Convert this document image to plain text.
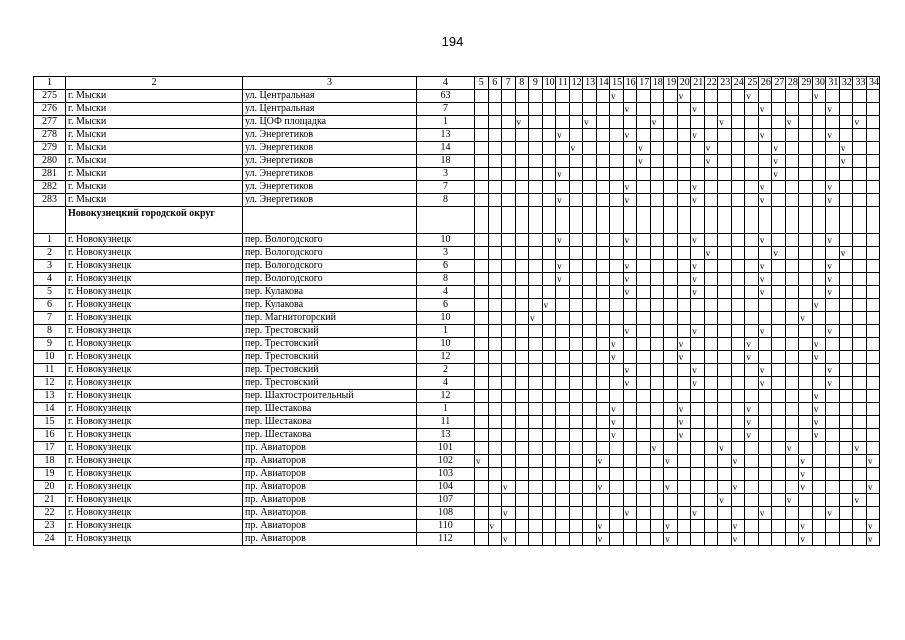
194
1	2	3	4	5	6	7	8	9	10	11	12	13	14	15	16	17	18	19	20	21	22	23	24	25	26	27	28	29	30	31	32	33	34
275	г. Мыски	ул. Центральная	63											v					v					v					v				
276	г. Мыски	ул. Центральная	7												v					v					v					v			
277	г. Мыски	ул. ЦОФ площадка	1				v					v					v					v					v					v	
278	г. Мыски	ул. Энергетиков	13							v					v					v					v					v			
279	г. Мыски	ул. Энергетиков	14								v					v					v					v					v		
280	г. Мыски	ул. Энергетиков	18													v					v					v					v		
281	г. Мыски	ул. Энергетиков	3							v																v							
282	г. Мыски	ул. Энергетиков	7												v					v					v					v			
283	г. Мыски	ул. Энергетиков	8							v					v					v					v					v			
	Новокузнецкий городской округ																																
1	г. Новокузнецк	пер. Вологодского	10							v					v					v					v					v			
2	г. Новокузнецк	пер. Вологодского	3																		v					v					v		
3	г. Новокузнецк	пер. Вологодского	6							v					v					v					v					v			
4	г. Новокузнецк	пер. Вологодского	8							v					v					v					v					v			
5	г. Новокузнецк	пер. Кулакова	4												v					v					v					v			
6	г. Новокузнецк	пер. Кулакова	6						v																				v				
7	г. Новокузнецк	пер. Магнитогорский	10					v																				v					
8	г. Новокузнецк	пер. Трестовский	1												v					v					v					v			
9	г. Новокузнецк	пер. Трестовский	10											v					v					v					v				
10	г. Новокузнецк	пер. Трестовский	12											v					v					v					v				
11	г. Новокузнецк	пер. Трестовский	2												v					v					v					v			
12	г. Новокузнецк	пер. Трестовский	4												v					v					v					v			
13	г. Новокузнецк	пер. Шахтостроительный	12																										v				
14	г. Новокузнецк	пер. Шестакова	1											v					v					v					v				
15	г. Новокузнецк	пер. Шестакова	11											v					v					v					v				
16	г. Новокузнецк	пер. Шестакова	13											v					v					v					v				
17	г. Новокузнецк	пр. Авиаторов	101														v					v					v					v	
18	г. Новокузнецк	пр. Авиаторов	102	v									v					v					v					v					v
19	г. Новокузнецк	пр. Авиаторов	103																									v					
20	г. Новокузнецк	пр. Авиаторов	104			v							v					v					v					v					v
21	г. Новокузнецк	пр. Авиаторов	107																			v					v					v	
22	г. Новокузнецк	пр. Авиаторов	108			v									v					v					v					v			
23	г. Новокузнецк	пр. Авиаторов	110		v								v					v					v					v					v
24	г. Новокузнецк	пр. Авиаторов	112			v							v					v					v					v					v
